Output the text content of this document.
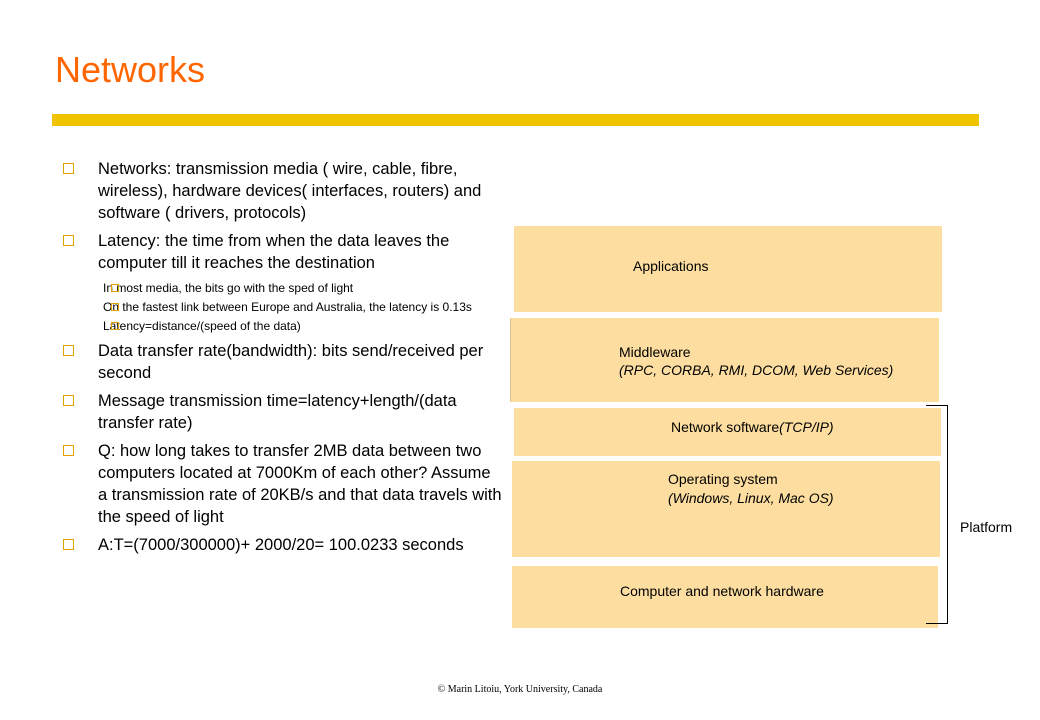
Networks
Networks: transmission media ( wire, cable, fibre, wireless), hardware devices( interfaces, routers) and software ( drivers, protocols)
Latency: the time from when the data leaves the computer till it reaches the destination
In most media, the bits go with the sped of light
On the fastest link between Europe and Australia, the latency is 0.13s
Latency=distance/(speed of the data)
Data transfer rate(bandwidth): bits send/received per second
Message transmission time=latency+length/(data transfer rate)
Q: how long takes to transfer 2MB data between two computers located at 7000Km of each other? Assume a transmission rate of 20KB/s and that data travels with the speed of light
A:T=(7000/300000)+ 2000/20= 100.0233 seconds
Applications
Middleware
(RPC, CORBA, RMI, DCOM, Web Services)
Network software(TCP/IP)
Operating system
(Windows, Linux, Mac OS)
Computer and network hardware
Platform
© Marin Litoiu, York University, Canada
